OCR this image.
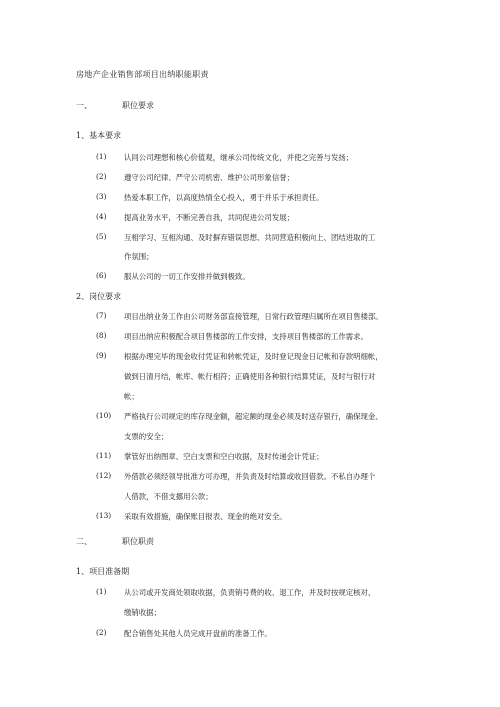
房地产企业销售部项目出纳职能职责
一、	职位要求
1、基本要求
(1)	认同公司理想和核心价值观，继承公司传统文化，并使之完善与发扬；
(2)	遵守公司纪律、严守公司机密、维护公司形象信誉；
(3)	热爱本职工作，以高度热情全心投入，勇于并乐于承担责任。
(4)	提高业务水平，不断完善自我，共同促进公司发展；
(5)	互相学习、互相沟通、及时摒弃错误思想、共同营造积极向上、团结进取的工
作氛围；
(6)	服从公司的一切工作安排并做到极致。
2、岗位要求
(7)	项目出纳业务工作由公司财务部直接管理，日常行政管理归属所在项目售楼部。
(8)	项目出纳应积极配合项目售楼部的工作安排，支持项目售楼部的工作需求。
(9)	根据办理完毕的现金收付凭证和转帐凭证，及时登记现金日记帐和存款明细帐，
做到日清月结，帐库、帐行相符；正确使用各种银行结算凭证，及时与银行对
帐；
(10)	严格执行公司规定的库存现金额，超定额的现金必须及时送存银行，确保现金、
支票的安全；
(11)	掌管好出纳图章、空白支票和空白收据，及时传递会计凭证；
(12)	外借款必须经领导批准方可办理，并负责及时结算或收回借款。不私自办理个
人借款，不借支挪用公款；
(13)	采取有效措施，确保账目报表、现金的绝对安全。
二、	职位职责
1、项目准备期
(1)	从公司或开发商处领取收据，负责销号费的收、退工作，并及时按规定核对、
缴销收据；
(2)	配合销售处其他人员完成开盘前的准备工作。
